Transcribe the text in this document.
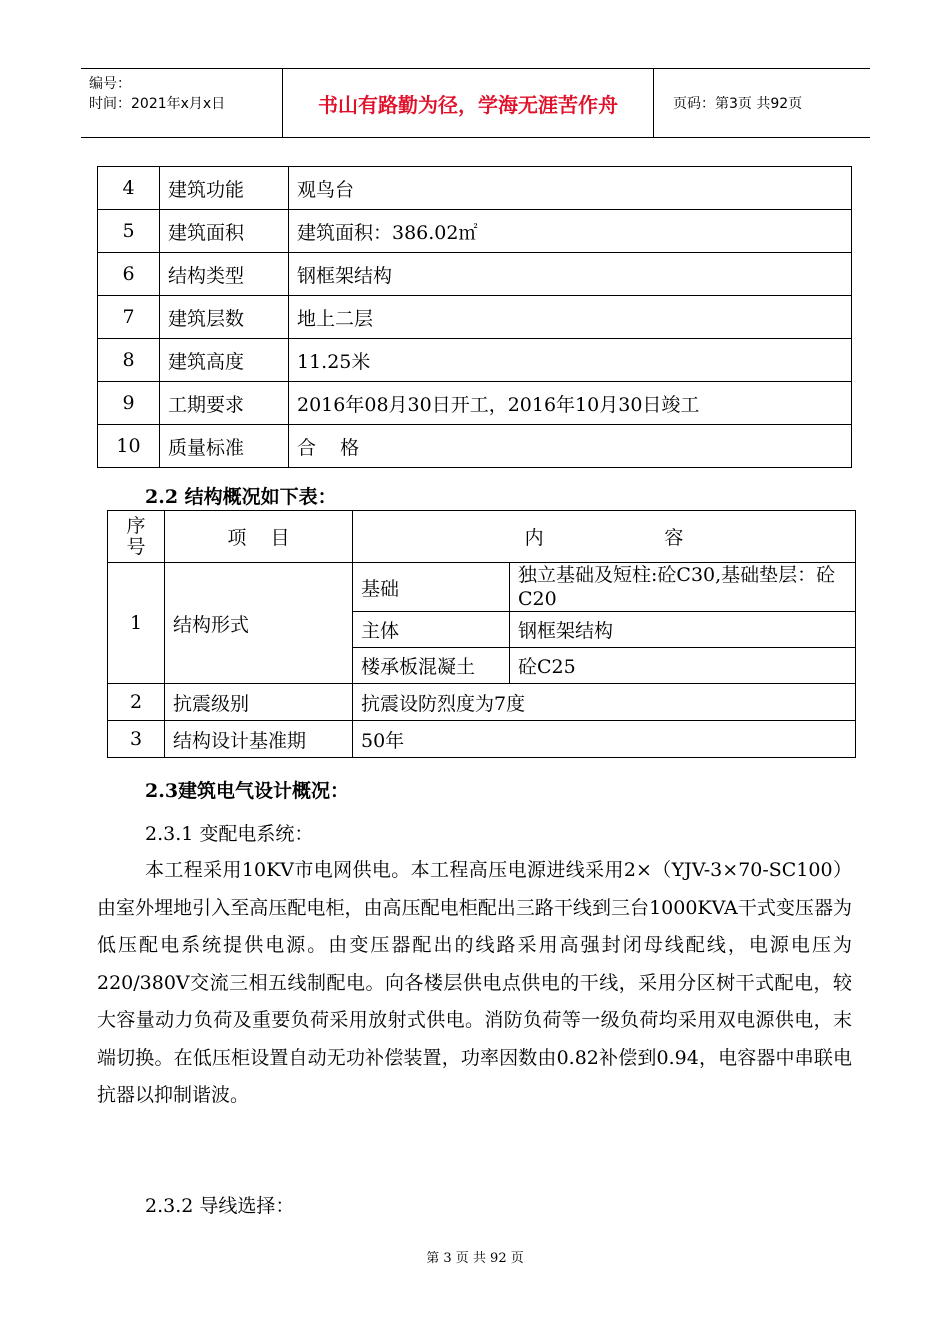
编号：
时间：2021年x月x日	书山有路勤为径，学海无涯苦作舟	页码：第3页 共92页
4	建筑功能	观鸟台
5	建筑面积	建筑面积：386.02㎡
6	结构类型	钢框架结构
7	建筑层数	地上二层
8	建筑高度	11.25米
9	工期要求	2016年08月30日开工，2016年10月30日竣工
10	质量标准	合    格
2.2 结构概况如下表：
序号	项    目	内                    容	
1	结构形式	基础	独立基础及短柱:砼C30,基础垫层：砼C20
		主体	钢框架结构
		楼承板混凝土	砼C25
2	抗震级别	抗震设防烈度为7度	
3	结构设计基准期	50年	
2.3建筑电气设计概况：
2.3.1 变配电系统：
本工程采用10KV市电网供电。本工程高压电源进线采用2×（YJV-3×70-SC100）由室外埋地引入至高压配电柜，由高压配电柜配出三路干线到三台1000KVA干式变压器为低压配电系统提供电源。由变压器配出的线路采用高强封闭母线配线，电源电压为220/380V交流三相五线制配电。向各楼层供电点供电的干线，采用分区树干式配电，较大容量动力负荷及重要负荷采用放射式供电。消防负荷等一级负荷均采用双电源供电，末端切换。在低压柜设置自动无功补偿装置，功率因数由0.82补偿到0.94，电容器中串联电抗器以抑制谐波。
2.3.2 导线选择：
第 3 页 共 92 页
